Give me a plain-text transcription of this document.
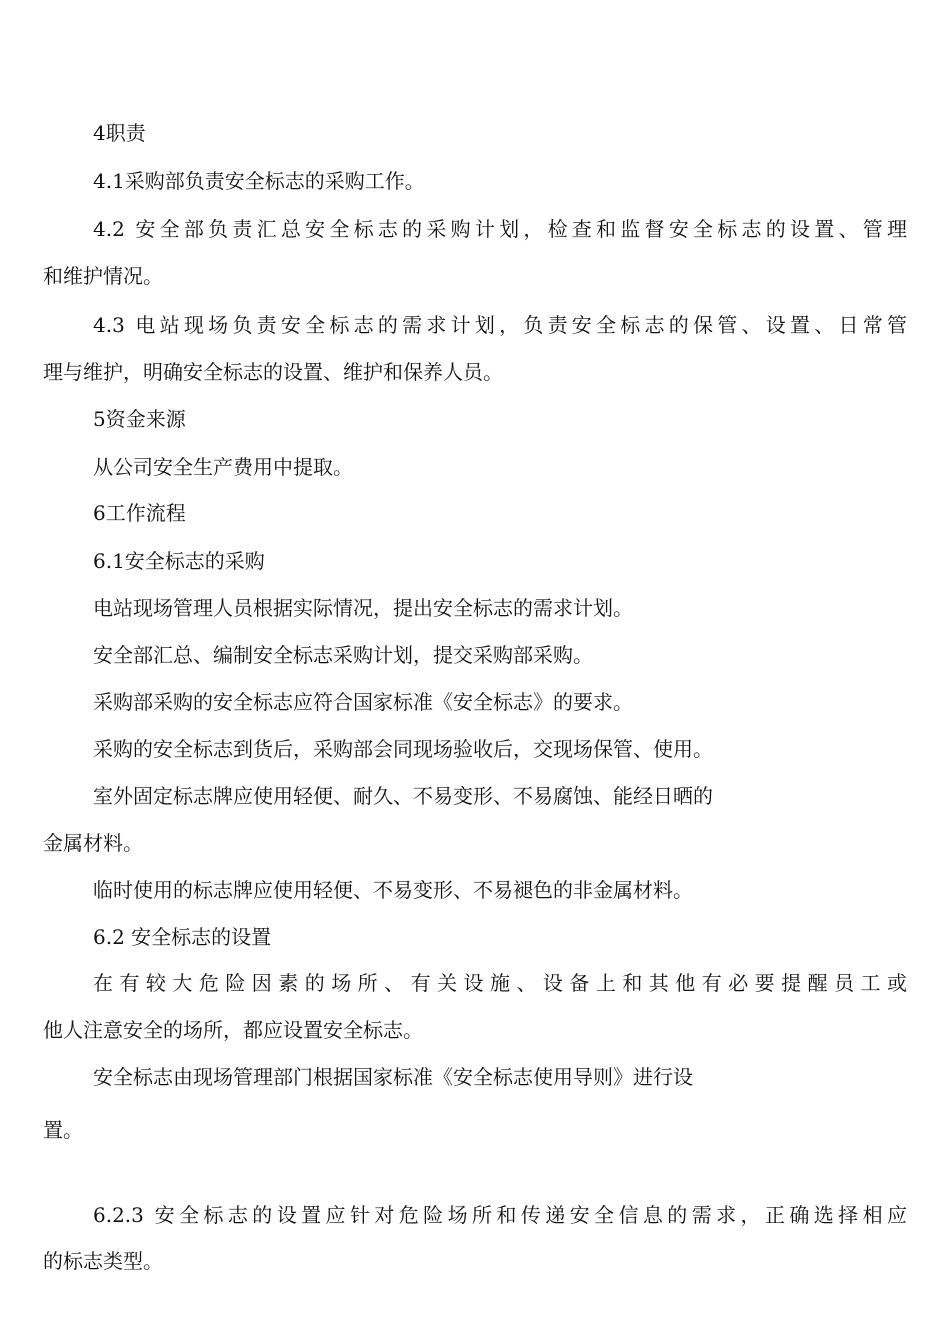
4职责
4.1采购部负责安全标志的采购工作。
4.2 安全部负责汇总安全标志的采购计划，检查和监督安全标志的设置、管理
和维护情况。
4.3 电站现场负责安全标志的需求计划，负责安全标志的保管、设置、日常管
理与维护，明确安全标志的设置、维护和保养人员。
5资金来源
从公司安全生产费用中提取。
6工作流程
6.1安全标志的采购
电站现场管理人员根据实际情况，提出安全标志的需求计划。
安全部汇总、编制安全标志采购计划，提交采购部采购。
采购部采购的安全标志应符合国家标准《安全标志》的要求。
采购的安全标志到货后，采购部会同现场验收后，交现场保管、使用。
室外固定标志牌应使用轻便、耐久、不易变形、不易腐蚀、能经日晒的
金属材料。
临时使用的标志牌应使用轻便、不易变形、不易褪色的非金属材料。
6.2 安全标志的设置
在有较大危险因素的场所、有关设施、设备上和其他有必要提醒员工或
他人注意安全的场所，都应设置安全标志。
安全标志由现场管理部门根据国家标准《安全标志使用导则》进行设
置。
6.2.3 安全标志的设置应针对危险场所和传递安全信息的需求，正确选择相应
的标志类型。
